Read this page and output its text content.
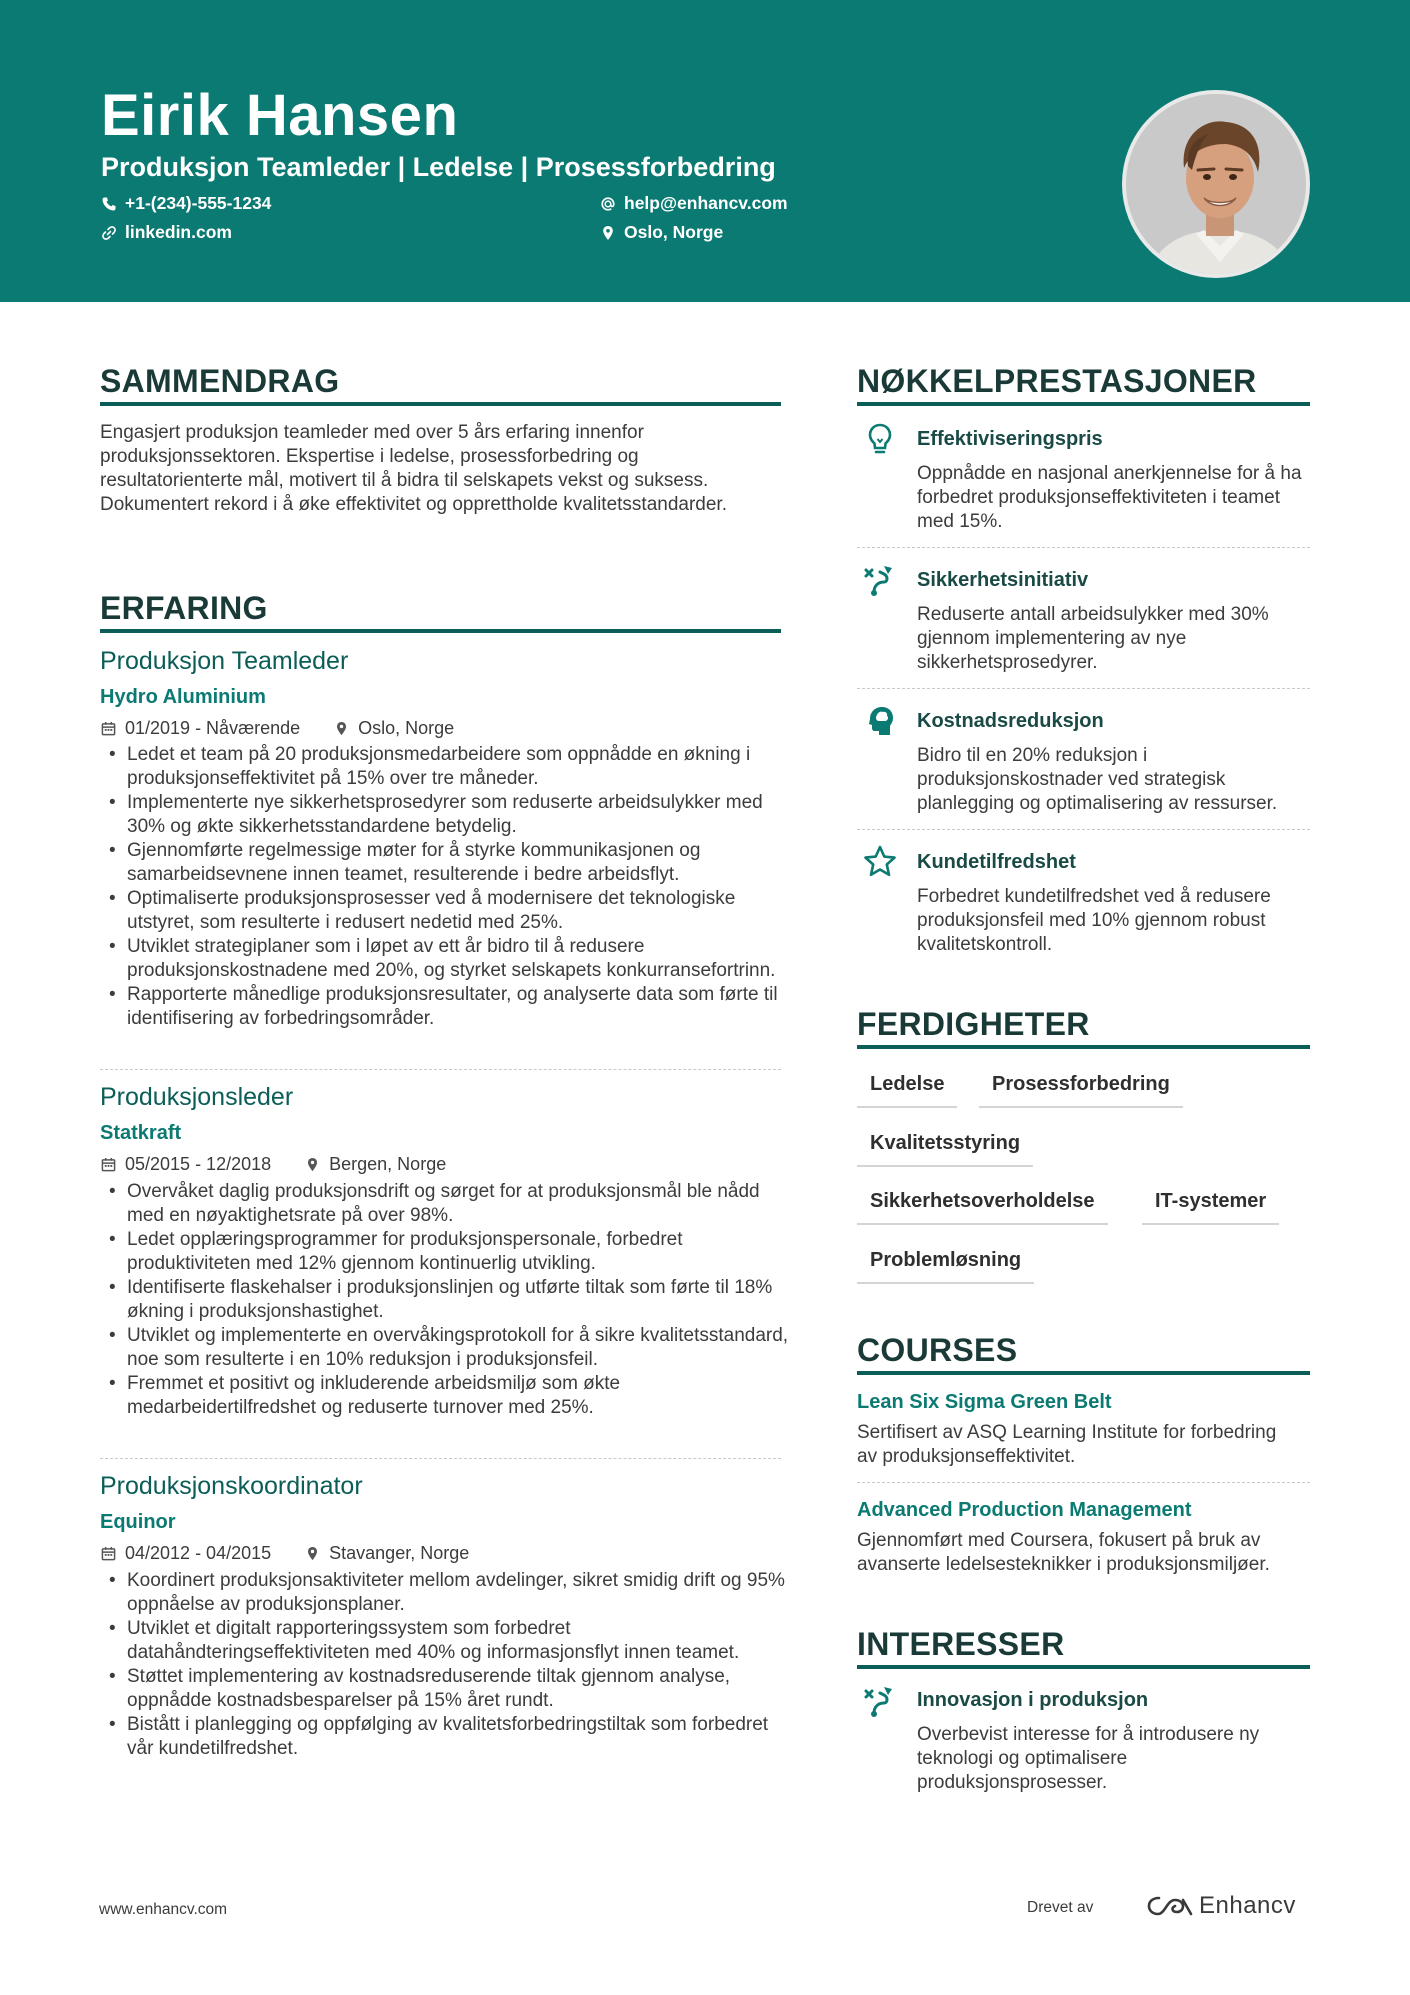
Eirik Hansen
Produksjon Teamleder | Ledelse | Prosessforbedring
+1-(234)-555-1234	help@enhancv.com
linkedin.com	Oslo, Norge
SAMMENDRAG
Engasjert produksjon teamleder med over 5 års erfaring innenfor produksjonssektoren. Ekspertise i ledelse, prosessforbedring og resultatorienterte mål, motivert til å bidra til selskapets vekst og suksess. Dokumentert rekord i å øke effektivitet og opprettholde kvalitetsstandarder.
ERFARING
Produksjon Teamleder
Hydro Aluminium
01/2019 - Nåværende	Oslo, Norge
• Ledet et team på 20 produksjonsmedarbeidere som oppnådde en økning i produksjonseffektivitet på 15% over tre måneder.
• Implementerte nye sikkerhetsprosedyrer som reduserte arbeidsulykker med 30% og økte sikkerhetsstandardene betydelig.
• Gjennomførte regelmessige møter for å styrke kommunikasjonen og samarbeidsevnene innen teamet, resulterende i bedre arbeidsflyt.
• Optimaliserte produksjonsprosesser ved å modernisere det teknologiske utstyret, som resulterte i redusert nedetid med 25%.
• Utviklet strategiplaner som i løpet av ett år bidro til å redusere produksjonskostnadene med 20%, og styrket selskapets konkurransefortrinn.
• Rapporterte månedlige produksjonsresultater, og analyserte data som førte til identifisering av forbedringsområder.
Produksjonsleder
Statkraft
05/2015 - 12/2018	Bergen, Norge
• Overvåket daglig produksjonsdrift og sørget for at produksjonsmål ble nådd med en nøyaktighetsrate på over 98%.
• Ledet opplæringsprogrammer for produksjonspersonale, forbedret produktiviteten med 12% gjennom kontinuerlig utvikling.
• Identifiserte flaskehalser i produksjonslinjen og utførte tiltak som førte til 18% økning i produksjonshastighet.
• Utviklet og implementerte en overvåkingsprotokoll for å sikre kvalitetsstandard, noe som resulterte i en 10% reduksjon i produksjonsfeil.
• Fremmet et positivt og inkluderende arbeidsmiljø som økte medarbeidertilfredshet og reduserte turnover med 25%.
Produksjonskoordinator
Equinor
04/2012 - 04/2015	Stavanger, Norge
• Koordinert produksjonsaktiviteter mellom avdelinger, sikret smidig drift og 95% oppnåelse av produksjonsplaner.
• Utviklet et digitalt rapporteringssystem som forbedret datahåndteringseffektiviteten med 40% og informasjonsflyt innen teamet.
• Støttet implementering av kostnadsreduserende tiltak gjennom analyse, oppnådde kostnadsbesparelser på 15% året rundt.
• Bistått i planlegging og oppfølging av kvalitetsforbedringstiltak som forbedret vår kundetilfredshet.
NØKKELPRESTASJONER
Effektiviseringspris
Oppnådde en nasjonal anerkjennelse for å ha forbedret produksjonseffektiviteten i teamet med 15%.
Sikkerhetsinitiativ
Reduserte antall arbeidsulykker med 30% gjennom implementering av nye sikkerhetsprosedyrer.
Kostnadsreduksjon
Bidro til en 20% reduksjon i produksjonskostnader ved strategisk planlegging og optimalisering av ressurser.
Kundetilfredshet
Forbedret kundetilfredshet ved å redusere produksjonsfeil med 10% gjennom robust kvalitetskontroll.
FERDIGHETER
Ledelse	Prosessforbedring
Kvalitetsstyring
Sikkerhetsoverholdelse	IT-systemer
Problemløsning
COURSES
Lean Six Sigma Green Belt
Sertifisert av ASQ Learning Institute for forbedring av produksjonseffektivitet.
Advanced Production Management
Gjennomført med Coursera, fokusert på bruk av avanserte ledelsesteknikker i produksjonsmiljøer.
INTERESSER
Innovasjon i produksjon
Overbevist interesse for å introdusere ny teknologi og optimalisere produksjonsprosesser.
www.enhancv.com	Drevet av	Enhancv
